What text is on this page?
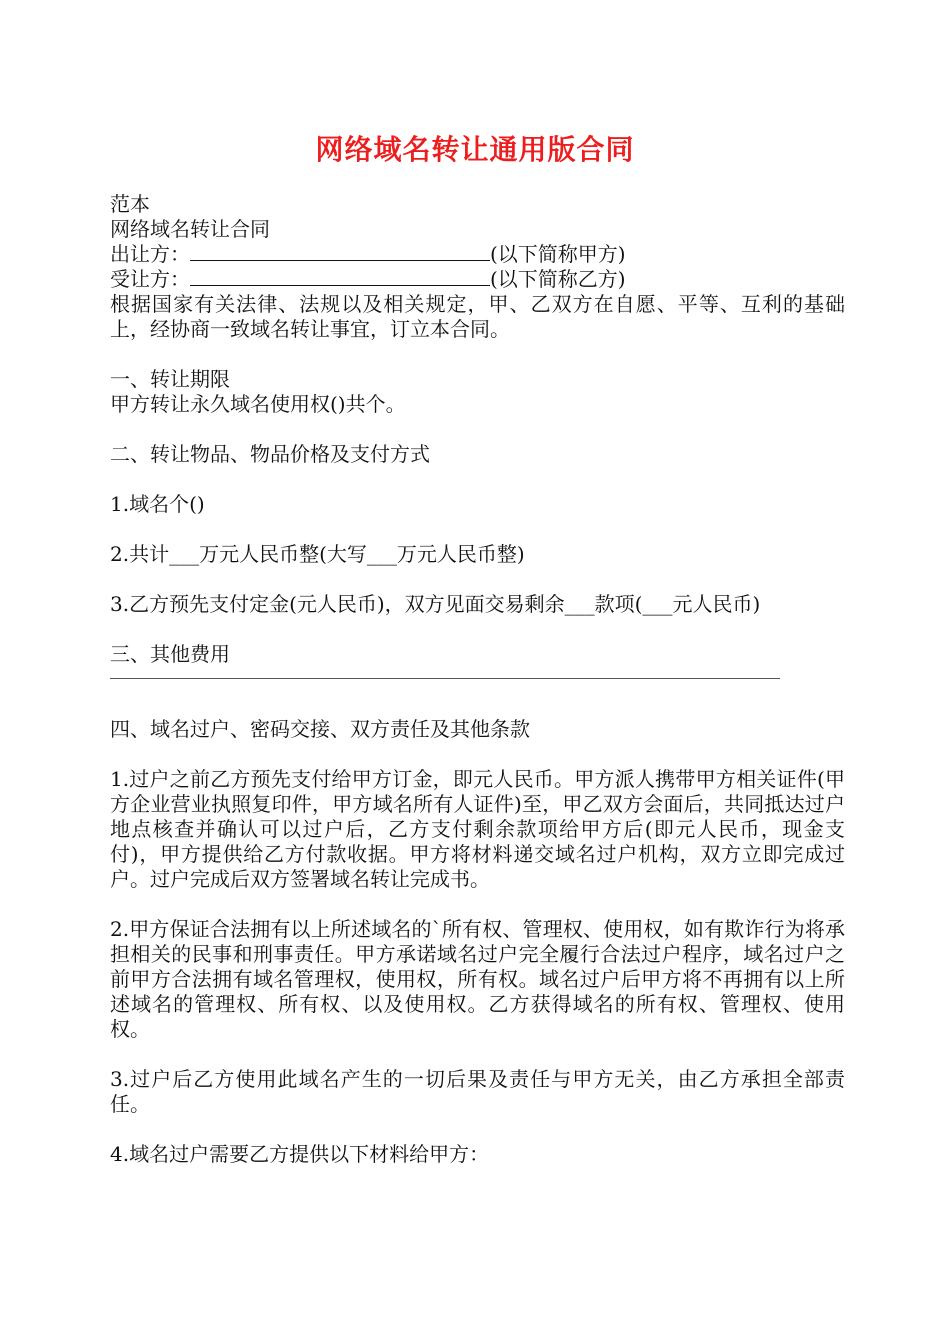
网络域名转让通用版合同

范本

网络域名转让合同

出让方：	(以下简称甲方)

受让方：	(以下简称乙方)

根据国家有关法律、法规以及相关规定，甲、乙双方在自愿、平等、互利的基础上，经协商一致域名转让事宜，订立本合同。

一、转让期限

甲方转让永久域名使用权()共个。

二、转让物品、物品价格及支付方式

1.域名个()

2.共计___万元人民币整(大写___万元人民币整)

3.乙方预先支付定金(元人民币)，双方见面交易剩余___款项(___元人民币)

三、其他费用

四、域名过户、密码交接、双方责任及其他条款

1.过户之前乙方预先支付给甲方订金，即元人民币。甲方派人携带甲方相关证件(甲方企业营业执照复印件，甲方域名所有人证件)至，甲乙双方会面后，共同抵达过户地点核查并确认可以过户后，乙方支付剩余款项给甲方后(即元人民币，现金支付)，甲方提供给乙方付款收据。甲方将材料递交域名过户机构，双方立即完成过户。过户完成后双方签署域名转让完成书。

2.甲方保证合法拥有以上所述域名的`所有权、管理权、使用权，如有欺诈行为将承担相关的民事和刑事责任。甲方承诺域名过户完全履行合法过户程序，域名过户之前甲方合法拥有域名管理权，使用权，所有权。域名过户后甲方将不再拥有以上所述域名的管理权、所有权、以及使用权。乙方获得域名的所有权、管理权、使用权。

3.过户后乙方使用此域名产生的一切后果及责任与甲方无关，由乙方承担全部责任。

4.域名过户需要乙方提供以下材料给甲方：
